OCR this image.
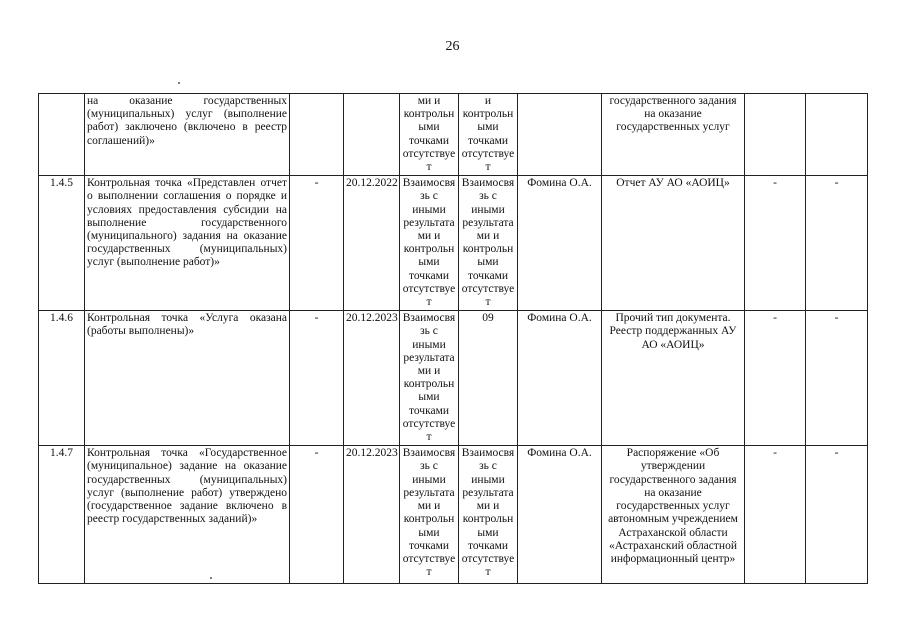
26
	на оказание государственных (муниципальных) услуг (выполнение работ) заключено (включено в реестр соглашений)»			ми и контрольными точками отсутствует	и контрольными точками отсутствует		государственного задания на оказание государственных услуг		
1.4.5	Контрольная точка «Представлен отчет о выполнении соглашения о порядке и условиях предоставления субсидии на выполнение государственного (муниципального) задания на оказание государственных (муниципальных) услуг (выполнение работ)»	-	20.12.2022	Взаимосвязь с иными результатами и контрольными точками отсутствует	Взаимосвязь с иными результатами и контрольными точками отсутствует	Фомина О.А.	Отчет АУ АО «АОИЦ»	-	-
1.4.6	Контрольная точка «Услуга оказана (работы выполнены)»	-	20.12.2023	Взаимосвязь с иными результатами и контрольными точками отсутствует	09	Фомина О.А.	Прочий тип документа. Реестр поддержанных АУ АО «АОИЦ»	-	-
1.4.7	Контрольная точка «Государственное (муниципальное) задание на оказание государственных (муниципальных) услуг (выполнение работ) утверждено (государственное задание включено в реестр государственных заданий)»	-	20.12.2023	Взаимосвязь с иными результатами и контрольными точками отсутствует	Взаимосвязь с иными результатами и контрольными точками отсутствует	Фомина О.А.	Распоряжение «Об утверждении государственного задания на оказание государственных услуг автономным учреждением Астраханской области «Астраханский областной информационный центр»	-	-
